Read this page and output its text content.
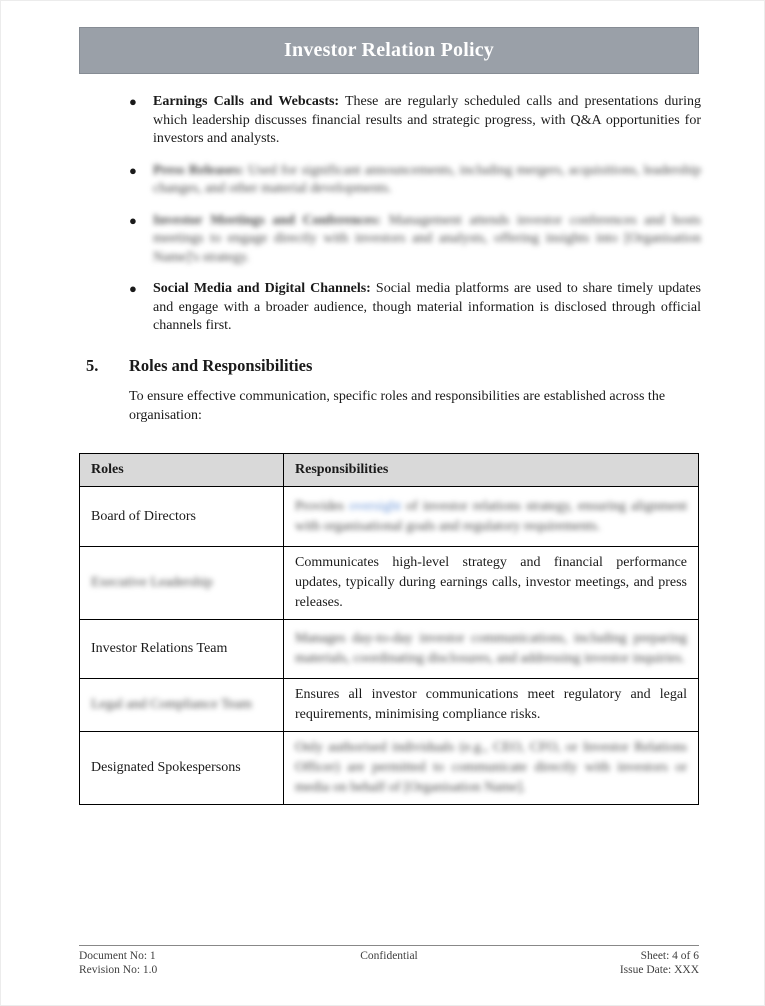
Investor Relation Policy
●	Earnings Calls and Webcasts: These are regularly scheduled calls and presentations during which leadership discusses financial results and strategic progress, with Q&A opportunities for investors and analysts.
●	Press Releases: Used for significant announcements, including mergers, acquisitions, leadership changes, and other material developments.
●	Investor Meetings and Conferences: Management attends investor conferences and hosts meetings to engage directly with investors and analysts, offering insights into [Organisation Name]'s strategy.
●	Social Media and Digital Channels: Social media platforms are used to share timely updates and engage with a broader audience, though material information is disclosed through official channels first.
5.	Roles and Responsibilities

To ensure effective communication, specific roles and responsibilities are established across the organisation:

Roles	Responsibilities
Board of Directors	Provides oversight of investor relations strategy, ensuring alignment with organisational goals and regulatory requirements.
Executive Leadership	Communicates high-level strategy and financial performance updates, typically during earnings calls, investor meetings, and press releases.
Investor Relations Team	Manages day-to-day investor communications, including preparing materials, coordinating disclosures, and addressing investor inquiries.
Legal and Compliance Team	Ensures all investor communications meet regulatory and legal requirements, minimising compliance risks.
Designated Spokespersons	Only authorised individuals (e.g., CEO, CFO, or Investor Relations Officer) are permitted to communicate directly with investors or media on behalf of [Organisation Name].
Document No: 1
Revision No: 1.0
Confidential	Sheet: 4 of 6
Issue Date: XXX
